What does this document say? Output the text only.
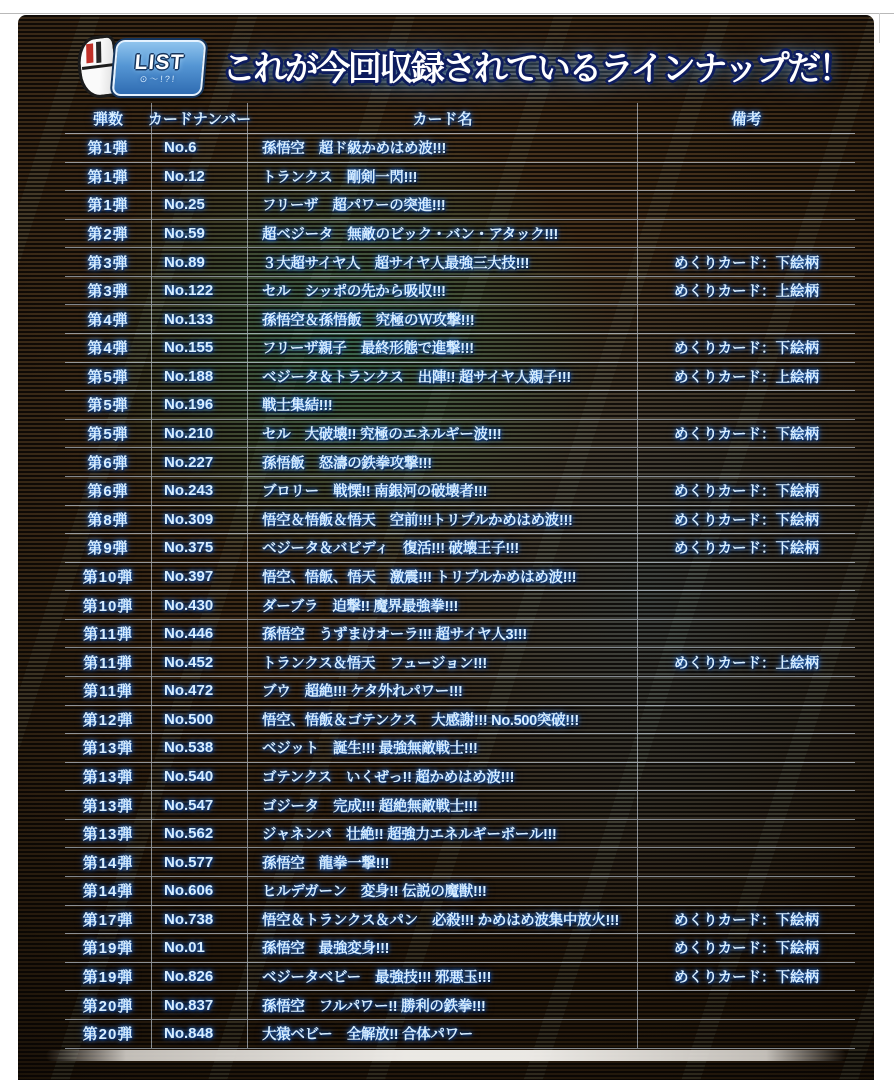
LIST
⊙〜!?!	これが今回収録されているラインナップだ！
弾数	カードナンバー	カード名	備考
第1弾	No.6	孫悟空　超ド級かめはめ波!!!
第1弾	No.12	トランクス　剛剣一閃!!!
第1弾	No.25	フリーザ　超パワーの突進!!!
第2弾	No.59	超ベジータ　無敵のビック・バン・アタック!!!
第3弾	No.89	３大超サイヤ人　超サイヤ人最強三大技!!!	めくりカード：下絵柄
第3弾	No.122	セル　シッポの先から吸収!!!	めくりカード：上絵柄
第4弾	No.133	孫悟空＆孫悟飯　究極のＷ攻撃!!!
第4弾	No.155	フリーザ親子　最終形態で進撃!!!	めくりカード：下絵柄
第5弾	No.188	ベジータ＆トランクス　出陣!! 超サイヤ人親子!!!	めくりカード：上絵柄
第5弾	No.196	戦士集結!!!
第5弾	No.210	セル　大破壊!! 究極のエネルギー波!!!	めくりカード：下絵柄
第6弾	No.227	孫悟飯　怒濤の鉄拳攻撃!!!
第6弾	No.243	ブロリー　戦慄!! 南銀河の破壊者!!!	めくりカード：下絵柄
第8弾	No.309	悟空＆悟飯＆悟天　空前!!!トリプルかめはめ波!!!	めくりカード：下絵柄
第9弾	No.375	ベジータ＆バビディ　復活!!! 破壊王子!!!	めくりカード：下絵柄
第10弾	No.397	悟空、悟飯、悟天　激震!!! トリプルかめはめ波!!!
第10弾	No.430	ダーブラ　迫撃!! 魔界最強拳!!!
第11弾	No.446	孫悟空　うずまけオーラ!!! 超サイヤ人3!!!
第11弾	No.452	トランクス＆悟天　フュージョン!!!	めくりカード：上絵柄
第11弾	No.472	ブウ　超絶!!! ケタ外れパワー!!!
第12弾	No.500	悟空、悟飯＆ゴテンクス　大感謝!!! No.500突破!!!
第13弾	No.538	ベジット　誕生!!! 最強無敵戦士!!!
第13弾	No.540	ゴテンクス　いくぜっ!! 超かめはめ波!!!
第13弾	No.547	ゴジータ　完成!!! 超絶無敵戦士!!!
第13弾	No.562	ジャネンバ　壮絶!! 超強力エネルギーボール!!!
第14弾	No.577	孫悟空　龍拳一撃!!!
第14弾	No.606	ヒルデガーン　変身!! 伝説の魔獣!!!
第17弾	No.738	悟空＆トランクス＆パン　必殺!!! かめはめ波集中放火!!!	めくりカード：下絵柄
第19弾	No.01	孫悟空　最強変身!!!	めくりカード：下絵柄
第19弾	No.826	ベジータベビー　最強技!!! 邪悪玉!!!	めくりカード：下絵柄
第20弾	No.837	孫悟空　フルパワー!! 勝利の鉄拳!!!
第20弾	No.848	大猿ベビー　全解放!! 合体パワー
